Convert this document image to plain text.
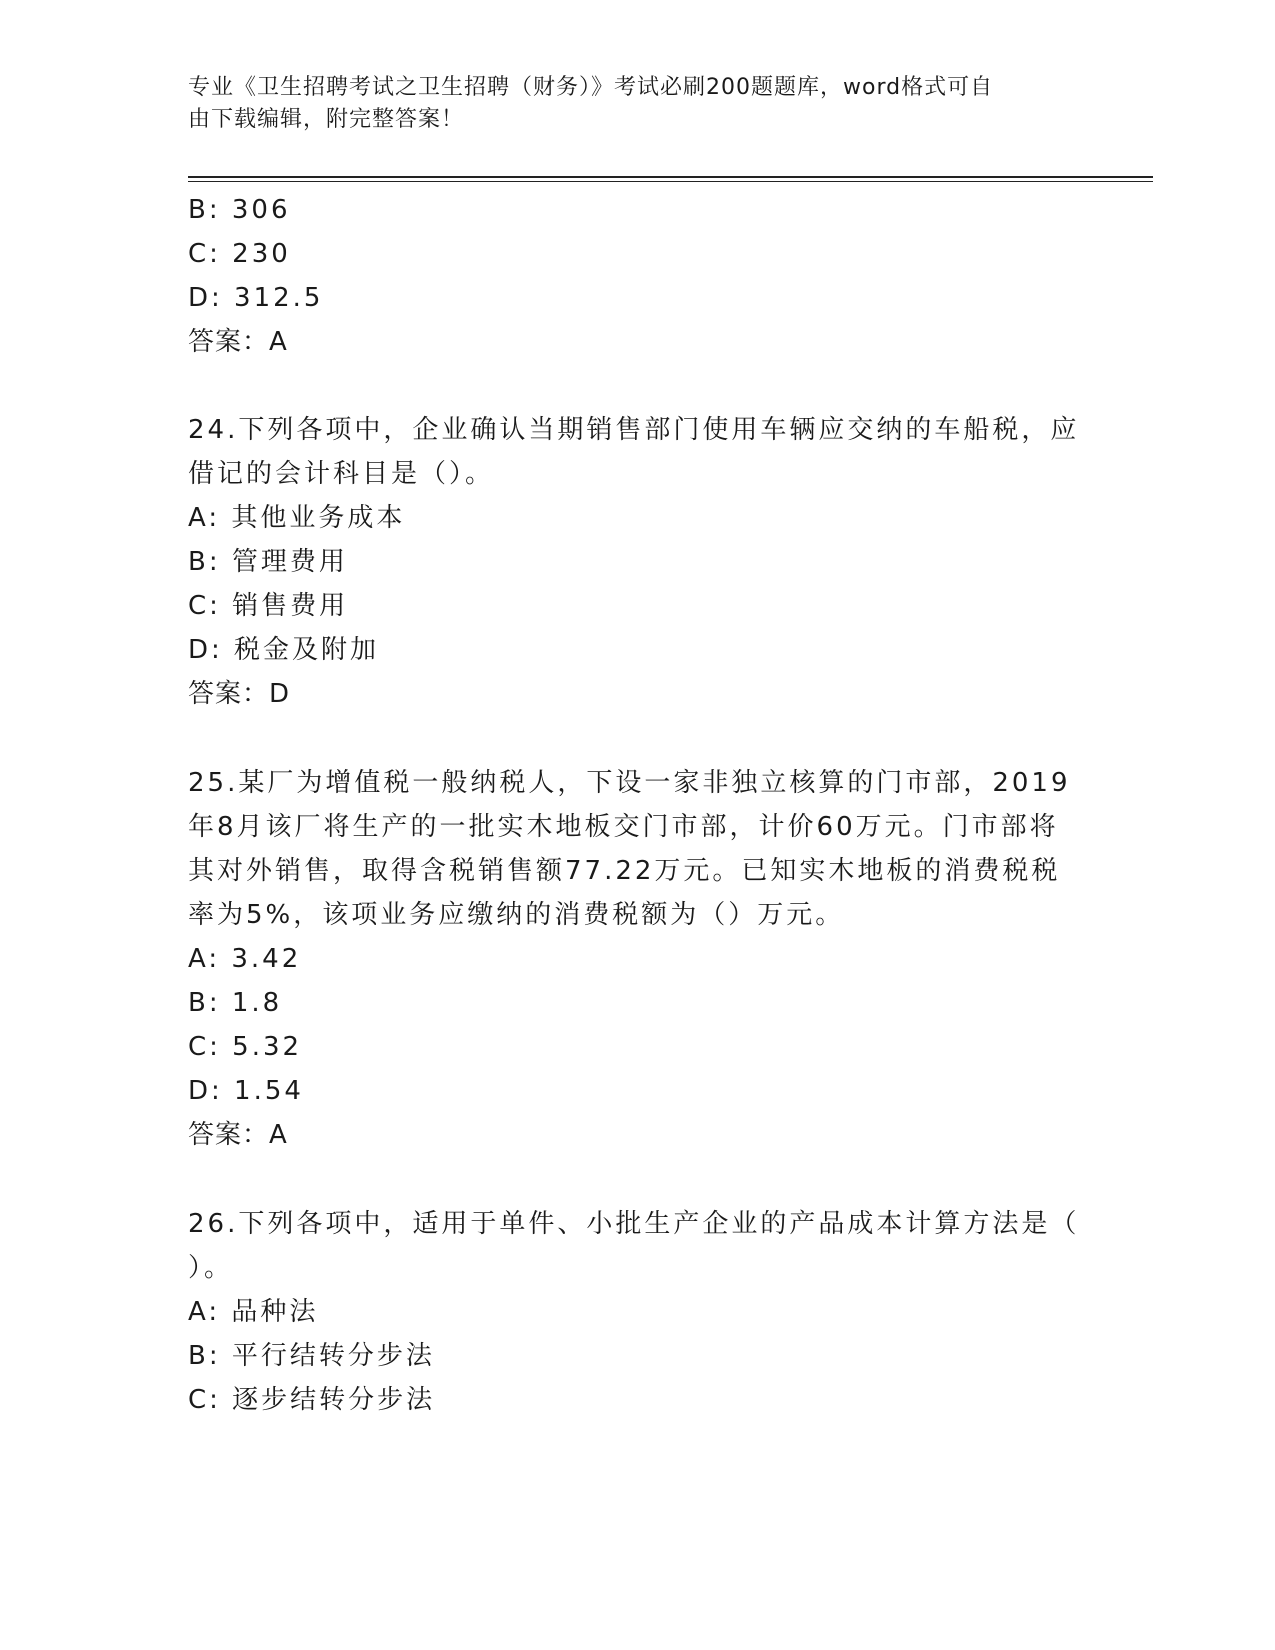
专业《卫生招聘考试之卫生招聘（财务）》考试必刷200题题库，word格式可自
由下载编辑，附完整答案！
B: 306
C: 230
D: 312.5
答案：A
24.下列各项中，企业确认当期销售部门使用车辆应交纳的车船税，应
借记的会计科目是（）。
A: 其他业务成本
B: 管理费用
C: 销售费用
D: 税金及附加
答案：D
25.某厂为增值税一般纳税人，下设一家非独立核算的门市部，2019
年8月该厂将生产的一批实木地板交门市部，计价60万元。门市部将
其对外销售，取得含税销售额77.22万元。已知实木地板的消费税税
率为5%，该项业务应缴纳的消费税额为（）万元。
A: 3.42
B: 1.8
C: 5.32
D: 1.54
答案：A
26.下列各项中，适用于单件、小批生产企业的产品成本计算方法是（
）。
A: 品种法
B: 平行结转分步法
C: 逐步结转分步法
